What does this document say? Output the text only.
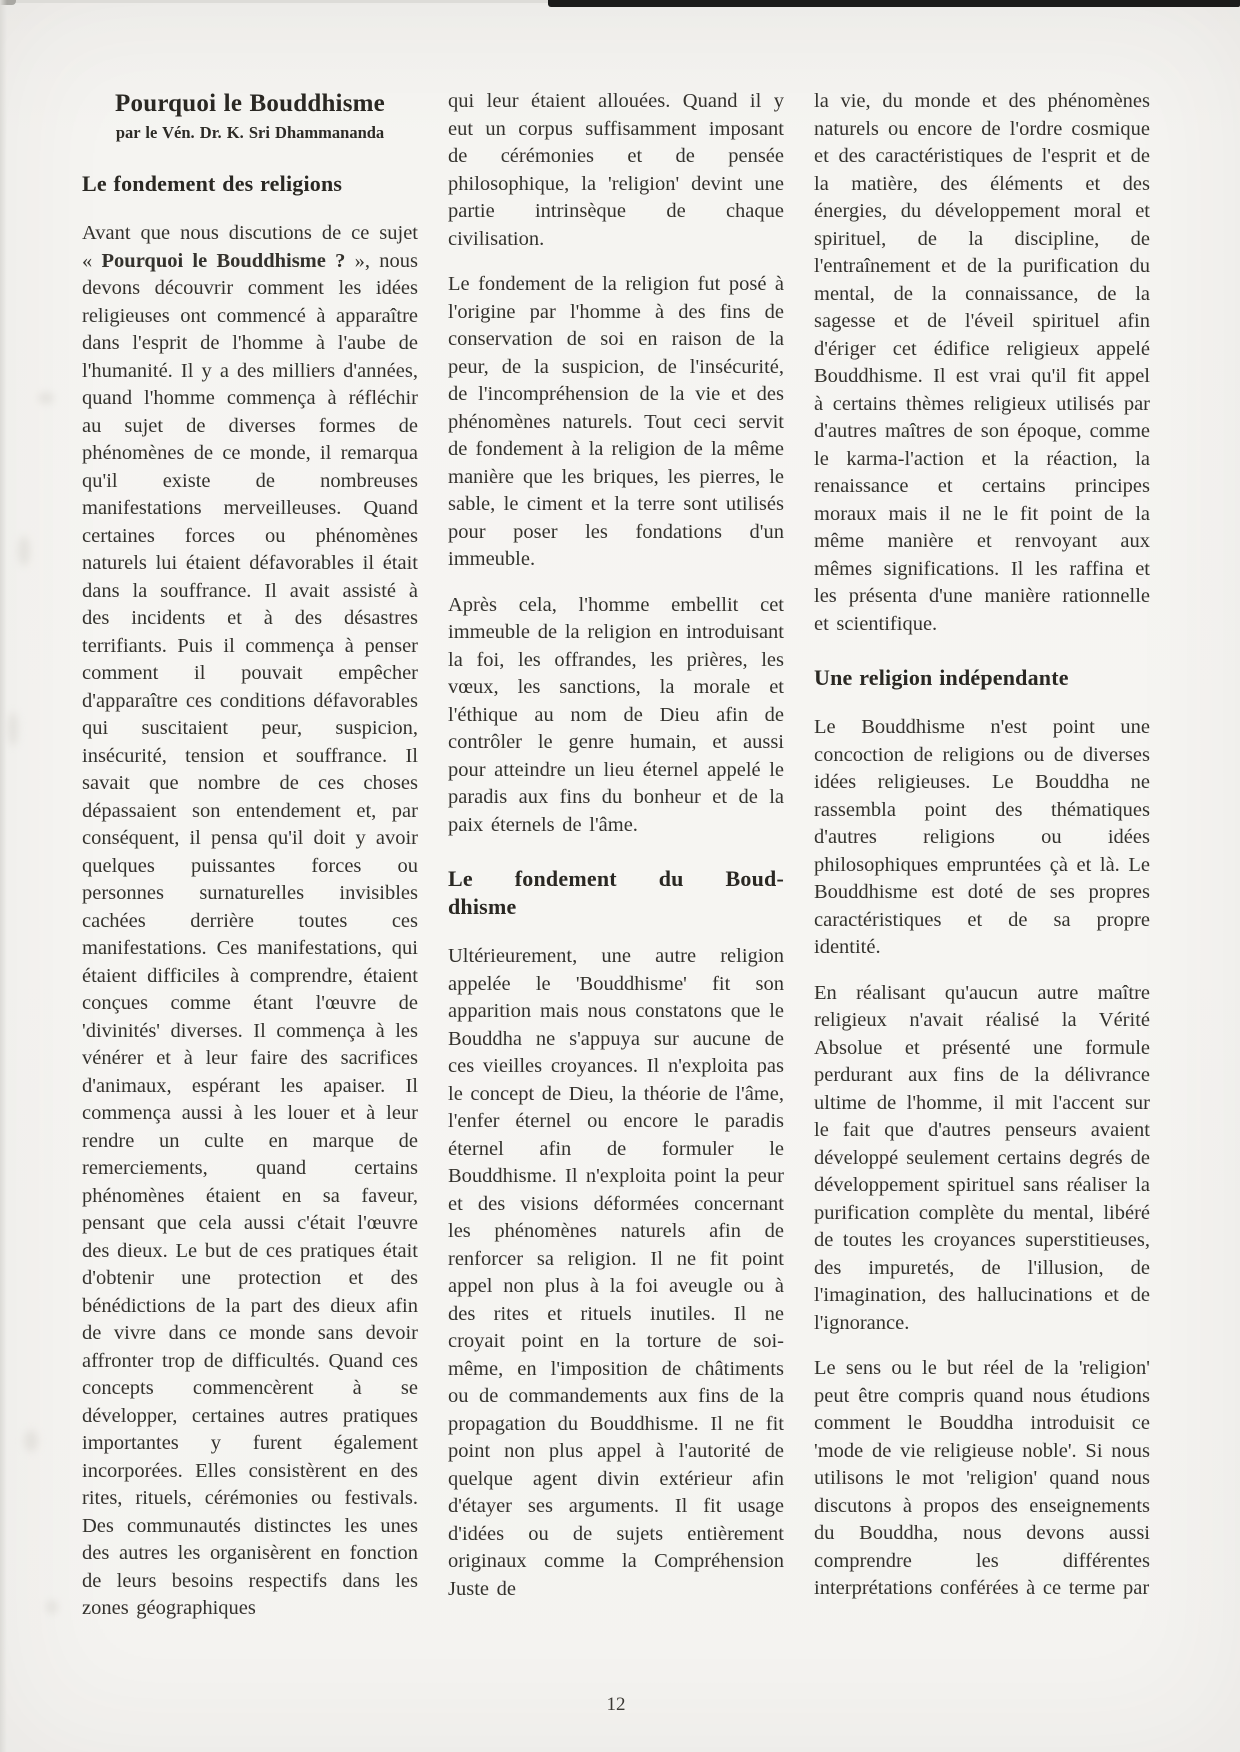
Pourquoi le Bouddhisme
par le Vén. Dr. K. Sri Dhammananda
Le fondement des religions

Avant que nous discutions de ce sujet « Pourquoi le Bouddhisme ? », nous devons découvrir comment les idées religieuses ont commencé à apparaître dans l'esprit de l'homme à l'aube de l'humanité. Il y a des milliers d'années, quand l'homme commença à réfléchir au sujet de diverses formes de phénomènes de ce monde, il remarqua qu'il existe de nombreuses manifestations merveilleuses. Quand certaines forces ou phénomènes naturels lui étaient défavorables il était dans la souffrance. Il avait assisté à des incidents et à des désastres terrifiants. Puis il commença à penser comment il pouvait empêcher d'apparaître ces conditions défavorables qui suscitaient peur, suspicion, insécurité, tension et souffrance. Il savait que nombre de ces choses dépassaient son entendement et, par conséquent, il pensa qu'il doit y avoir quelques puissantes forces ou personnes surnaturelles invisibles cachées derrière toutes ces manifestations. Ces manifestations, qui étaient difficiles à comprendre, étaient conçues comme étant l'œuvre de 'divinités' diverses. Il commença à les vénérer et à leur faire des sacrifices d'animaux, espérant les apaiser. Il commença aussi à les louer et à leur rendre un culte en marque de remerciements, quand certains phénomènes étaient en sa faveur, pensant que cela aussi c'était l'œuvre des dieux. Le but de ces pratiques était d'obtenir une protection et des bénédictions de la part des dieux afin de vivre dans ce monde sans devoir affronter trop de difficultés. Quand ces concepts commencèrent à se développer, certaines autres pratiques importantes y furent également incorporées. Elles consistèrent en des rites, rituels, cérémonies ou festivals. Des communautés distinctes les unes des autres les organisèrent en fonction de leurs besoins respectifs dans les zones géographiques

qui leur étaient allouées. Quand il y eut un corpus suffisamment imposant de cérémonies et de pensée philosophique, la 'religion' devint une partie intrinsèque de chaque civilisation.

Le fondement de la religion fut posé à l'origine par l'homme à des fins de conservation de soi en raison de la peur, de la suspicion, de l'insécurité, de l'incompréhension de la vie et des phénomènes naturels. Tout ceci servit de fondement à la religion de la même manière que les briques, les pierres, le sable, le ciment et la terre sont utilisés pour poser les fondations d'un immeuble.

Après cela, l'homme embellit cet immeuble de la religion en introduisant la foi, les offrandes, les prières, les vœux, les sanctions, la morale et l'éthique au nom de Dieu afin de contrôler le genre humain, et aussi pour atteindre un lieu éternel appelé le paradis aux fins du bonheur et de la paix éternels de l'âme.

Le fondement du Boud-
dhisme

Ultérieurement, une autre religion appelée le 'Bouddhisme' fit son apparition mais nous constatons que le Bouddha ne s'appuya sur aucune de ces vieilles croyances. Il n'exploita pas le concept de Dieu, la théorie de l'âme, l'enfer éternel ou encore le paradis éternel afin de formuler le Bouddhisme. Il n'exploita point la peur et des visions déformées concernant les phénomènes naturels afin de renforcer sa religion. Il ne fit point appel non plus à la foi aveugle ou à des rites et rituels inutiles. Il ne croyait point en la torture de soi-même, en l'imposition de châtiments ou de commandements aux fins de la propagation du Bouddhisme. Il ne fit point non plus appel à l'autorité de quelque agent divin extérieur afin d'étayer ses arguments. Il fit usage d'idées ou de sujets entièrement originaux comme la Compréhension Juste de

la vie, du monde et des phénomènes naturels ou encore de l'ordre cosmique et des caractéristiques de l'esprit et de la matière, des éléments et des énergies, du développement moral et spirituel, de la discipline, de l'entraînement et de la purification du mental, de la connaissance, de la sagesse et de l'éveil spirituel afin d'ériger cet édifice religieux appelé Bouddhisme. Il est vrai qu'il fit appel à certains thèmes religieux utilisés par d'autres maîtres de son époque, comme le karma-l'action et la réaction, la renaissance et certains principes moraux mais il ne le fit point de la même manière et renvoyant aux mêmes significations. Il les raffina et les présenta d'une manière rationnelle et scientifique.

Une religion indépendante

Le Bouddhisme n'est point une concoction de religions ou de diverses idées religieuses. Le Bouddha ne rassembla point des thématiques d'autres religions ou idées philosophiques empruntées çà et là. Le Bouddhisme est doté de ses propres caractéristiques et de sa propre identité.

En réalisant qu'aucun autre maître religieux n'avait réalisé la Vérité Absolue et présenté une formule perdurant aux fins de la délivrance ultime de l'homme, il mit l'accent sur le fait que d'autres penseurs avaient développé seulement certains degrés de développement spirituel sans réaliser la purification complète du mental, libéré de toutes les croyances superstitieuses, des impuretés, de l'illusion, de l'imagination, des hallucinations et de l'ignorance.

Le sens ou le but réel de la 'religion' peut être compris quand nous étudions comment le Bouddha introduisit ce 'mode de vie religieuse noble'. Si nous utilisons le mot 'religion' quand nous discutons à propos des enseignements du Bouddha, nous devons aussi comprendre les différentes interprétations conférées à ce terme par

12
